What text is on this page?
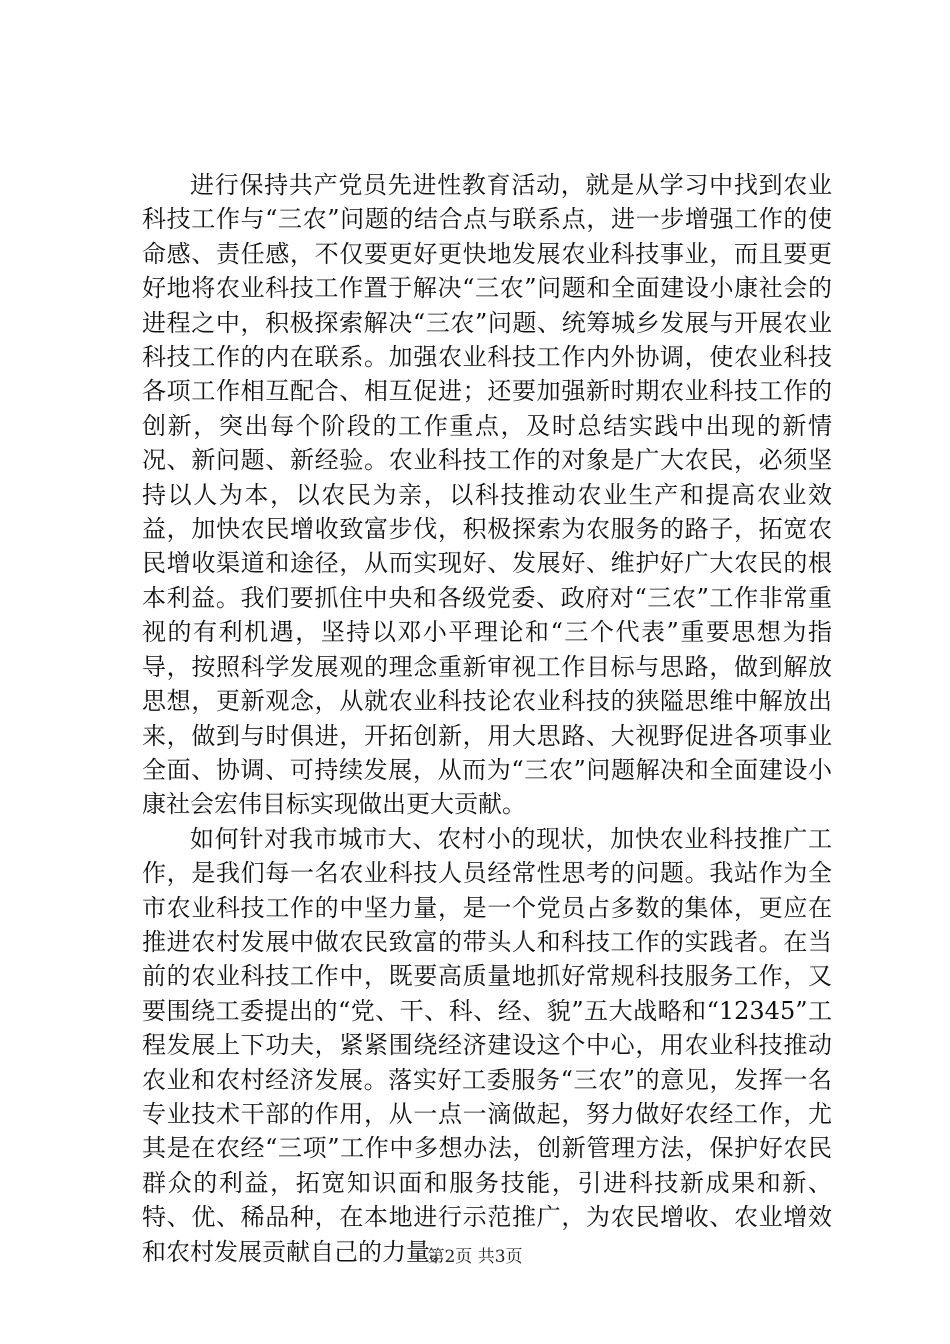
进行保持共产党员先进性教育活动，就是从学习中找到农业科技工作与“三农”问题的结合点与联系点，进一步增强工作的使命感、责任感，不仅要更好更快地发展农业科技事业，而且要更好地将农业科技工作置于解决“三农”问题和全面建设小康社会的进程之中，积极探索解决“三农”问题、统筹城乡发展与开展农业科技工作的内在联系。加强农业科技工作内外协调，使农业科技各项工作相互配合、相互促进；还要加强新时期农业科技工作的创新，突出每个阶段的工作重点，及时总结实践中出现的新情况、新问题、新经验。农业科技工作的对象是广大农民，必须坚持以人为本，以农民为亲，以科技推动农业生产和提高农业效益，加快农民增收致富步伐，积极探索为农服务的路子，拓宽农民增收渠道和途径，从而实现好、发展好、维护好广大农民的根本利益。我们要抓住中央和各级党委、政府对“三农”工作非常重视的有利机遇，坚持以邓小平理论和“三个代表”重要思想为指导，按照科学发展观的理念重新审视工作目标与思路，做到解放思想，更新观念，从就农业科技论农业科技的狭隘思维中解放出来，做到与时俱进，开拓创新，用大思路、大视野促进各项事业全面、协调、可持续发展，从而为“三农”问题解决和全面建设小康社会宏伟目标实现做出更大贡献。

如何针对我市城市大、农村小的现状，加快农业科技推广工作，是我们每一名农业科技人员经常性思考的问题。我站作为全市农业科技工作的中坚力量，是一个党员占多数的集体，更应在推进农村发展中做农民致富的带头人和科技工作的实践者。在当前的农业科技工作中，既要高质量地抓好常规科技服务工作，又要围绕工委提出的“党、干、科、经、貌”五大战略和“12345”工程发展上下功夫，紧紧围绕经济建设这个中心，用农业科技推动农业和农村经济发展。落实好工委服务“三农”的意见，发挥一名专业技术干部的作用，从一点一滴做起，努力做好农经工作，尤其是在农经“三项”工作中多想办法，创新管理方法，保护好农民群众的利益，拓宽知识面和服务技能，引进科技新成果和新、特、优、稀品种，在本地进行示范推广，为农民增收、农业增效和农村发展贡献自己的力量。

第2页 共3页
